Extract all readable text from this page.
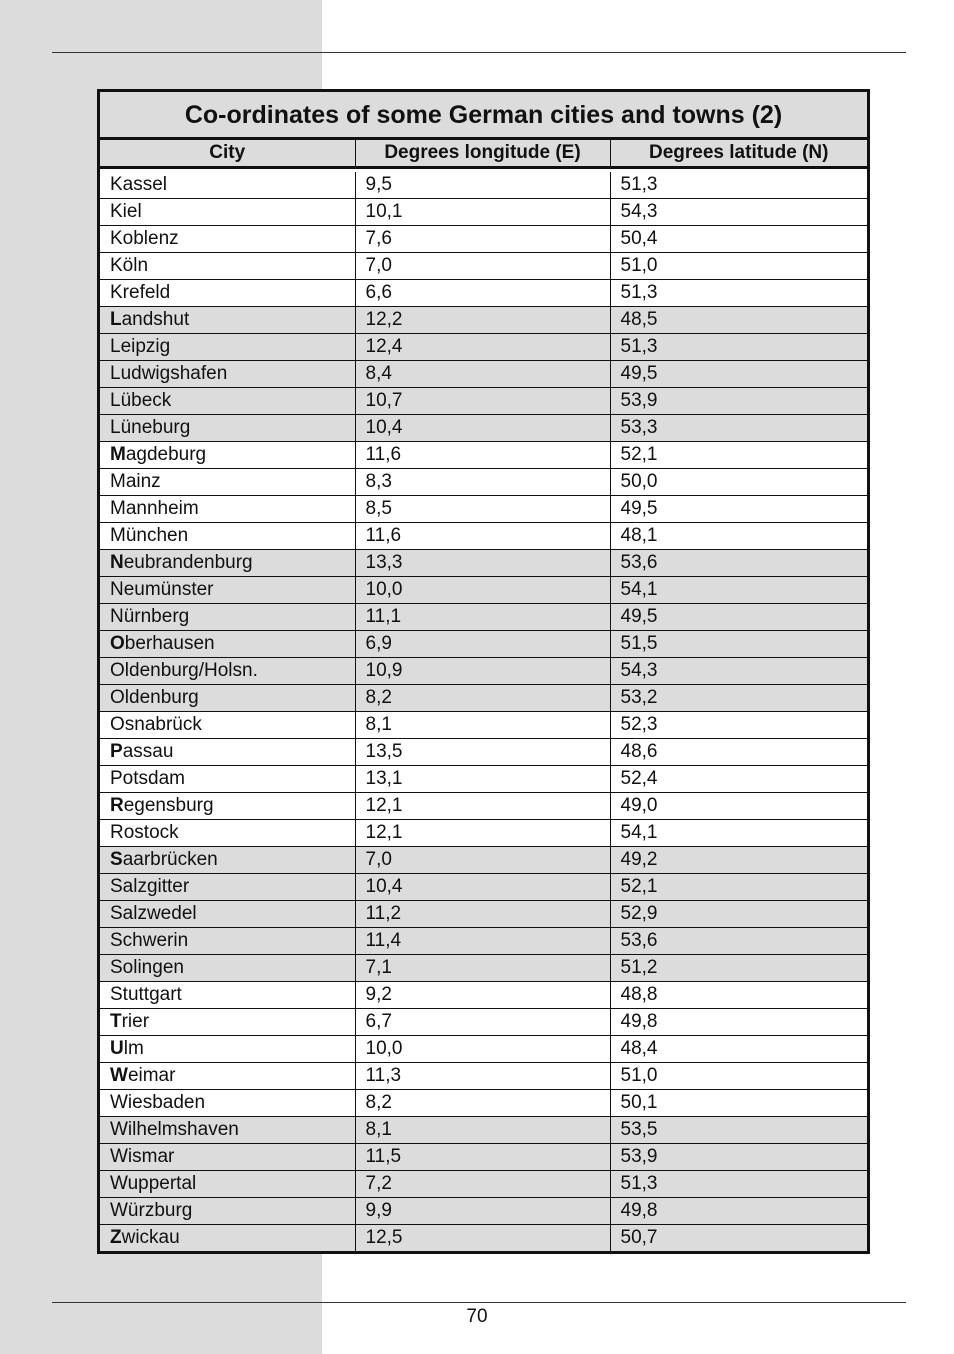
Co-ordinates of some German cities and towns (2)
City	Degrees longitude (E)	Degrees latitude (N)

Kassel	9,5	51,3
Kiel	10,1	54,3
Koblenz	7,6	50,4
Köln	7,0	51,0
Krefeld	6,6	51,3
Landshut	12,2	48,5
Leipzig	12,4	51,3
Ludwigshafen	8,4	49,5
Lübeck	10,7	53,9
Lüneburg	10,4	53,3
Magdeburg	11,6	52,1
Mainz	8,3	50,0
Mannheim	8,5	49,5
München	11,6	48,1
Neubrandenburg	13,3	53,6
Neumünster	10,0	54,1
Nürnberg	11,1	49,5
Oberhausen	6,9	51,5
Oldenburg/Holsn.	10,9	54,3
Oldenburg	8,2	53,2
Osnabrück	8,1	52,3
Passau	13,5	48,6
Potsdam	13,1	52,4
Regensburg	12,1	49,0
Rostock	12,1	54,1
Saarbrücken	7,0	49,2
Salzgitter	10,4	52,1
Salzwedel	11,2	52,9
Schwerin	11,4	53,6
Solingen	7,1	51,2
Stuttgart	9,2	48,8
Trier	6,7	49,8
Ulm	10,0	48,4
Weimar	11,3	51,0
Wiesbaden	8,2	50,1
Wilhelmshaven	8,1	53,5
Wismar	11,5	53,9
Wuppertal	7,2	51,3
Würzburg	9,9	49,8
Zwickau	12,5	50,7
70
